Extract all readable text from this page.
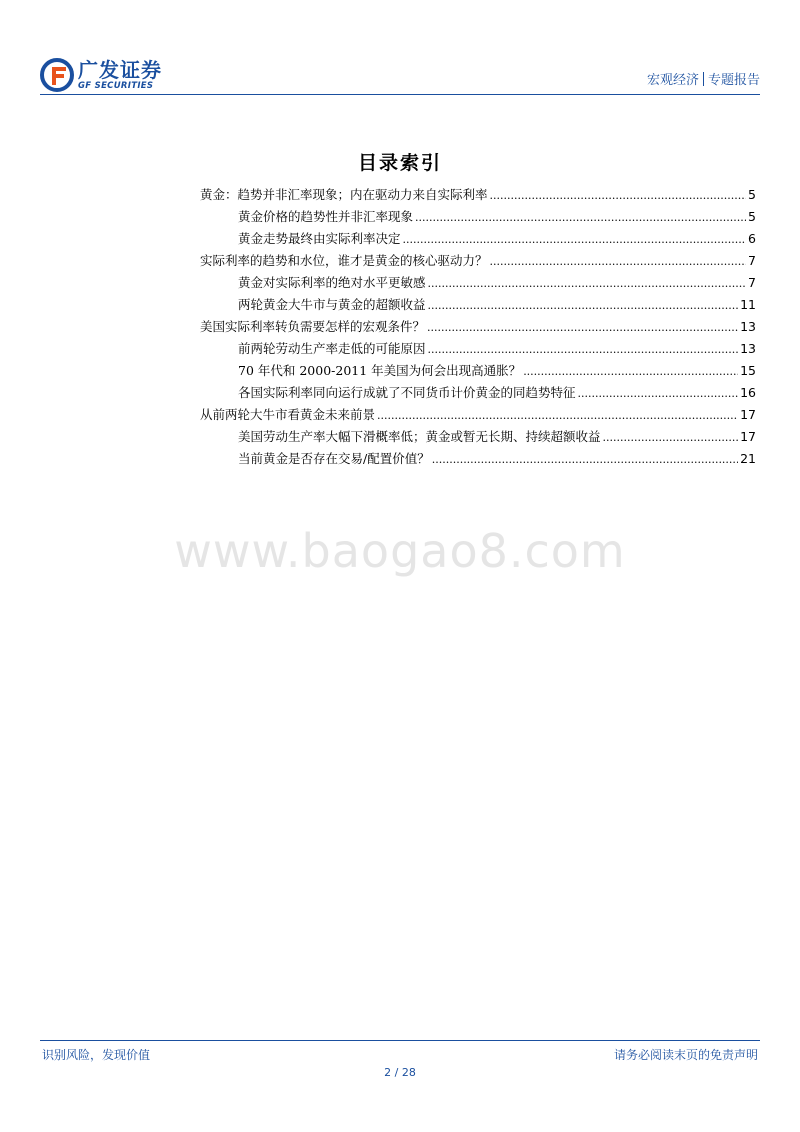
广发证券
GF SECURITIES	宏观经济 专题报告
目录索引
黄金：趋势并非汇率现象；内在驱动力来自实际利率 .....	5
黄金价格的趋势性并非汇率现象 .....	5
黄金走势最终由实际利率决定 .....	6
实际利率的趋势和水位，谁才是黄金的核心驱动力？ .....	7
黄金对实际利率的绝对水平更敏感 .....	7
两轮黄金大牛市与黄金的超额收益 .....	11
美国实际利率转负需要怎样的宏观条件？ .....	13
前两轮劳动生产率走低的可能原因 .....	13
70 年代和 2000-2011 年美国为何会出现高通胀？ .....	15
各国实际利率同向运行成就了不同货币计价黄金的同趋势特征 .....	16
从前两轮大牛市看黄金未来前景 .....	17
美国劳动生产率大幅下滑概率低；黄金或暂无长期、持续超额收益 .....	17
当前黄金是否存在交易/配置价值？ .....	21
www.baogao8.com
识别风险，发现价值	请务必阅读末页的免责声明
2 / 28
